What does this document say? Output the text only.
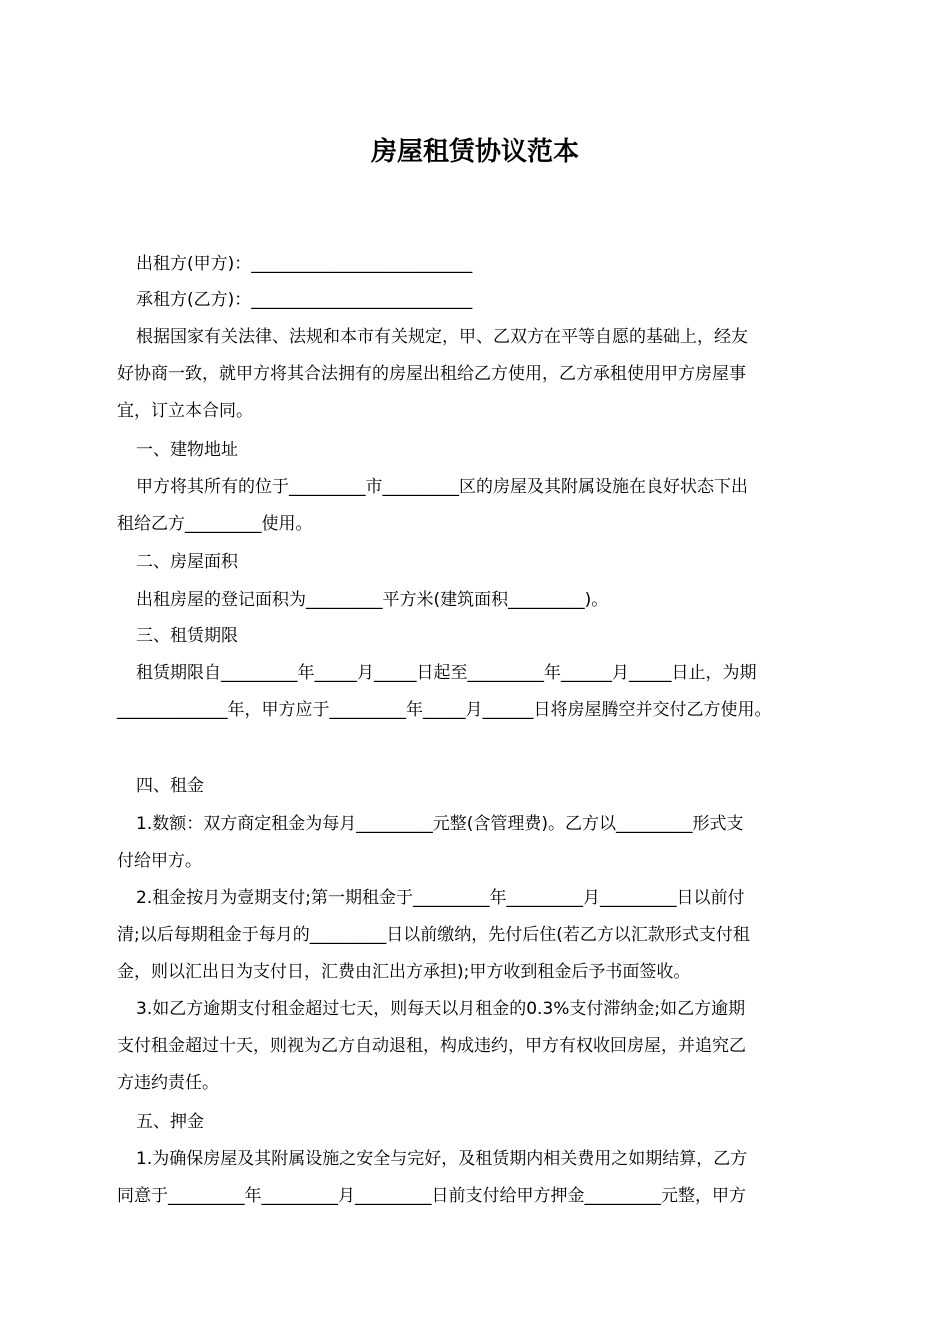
房屋租赁协议范本
出租方(甲方)：__________________________
承租方(乙方)：__________________________
根据国家有关法律、法规和本市有关规定，甲、乙双方在平等自愿的基础上，经友
好协商一致，就甲方将其合法拥有的房屋出租给乙方使用，乙方承租使用甲方房屋事
宜，订立本合同。
一、建物地址
甲方将其所有的位于_________市_________区的房屋及其附属设施在良好状态下出
租给乙方_________使用。
二、房屋面积
出租房屋的登记面积为_________平方米(建筑面积_________)。
三、租赁期限
租赁期限自_________年_____月_____日起至_________年______月_____日止，为期
_____________年，甲方应于_________年_____月______日将房屋腾空并交付乙方使用。
四、租金
1.数额：双方商定租金为每月_________元整(含管理费)。乙方以_________形式支
付给甲方。
2.租金按月为壹期支付;第一期租金于_________年_________月_________日以前付
清;以后每期租金于每月的_________日以前缴纳，先付后住(若乙方以汇款形式支付租
金，则以汇出日为支付日，汇费由汇出方承担);甲方收到租金后予书面签收。
3.如乙方逾期支付租金超过七天，则每天以月租金的0.3%支付滞纳金;如乙方逾期
支付租金超过十天，则视为乙方自动退租，构成违约，甲方有权收回房屋，并追究乙
方违约责任。
五、押金
1.为确保房屋及其附属设施之安全与完好，及租赁期内相关费用之如期结算，乙方
同意于_________年_________月_________日前支付给甲方押金_________元整，甲方
